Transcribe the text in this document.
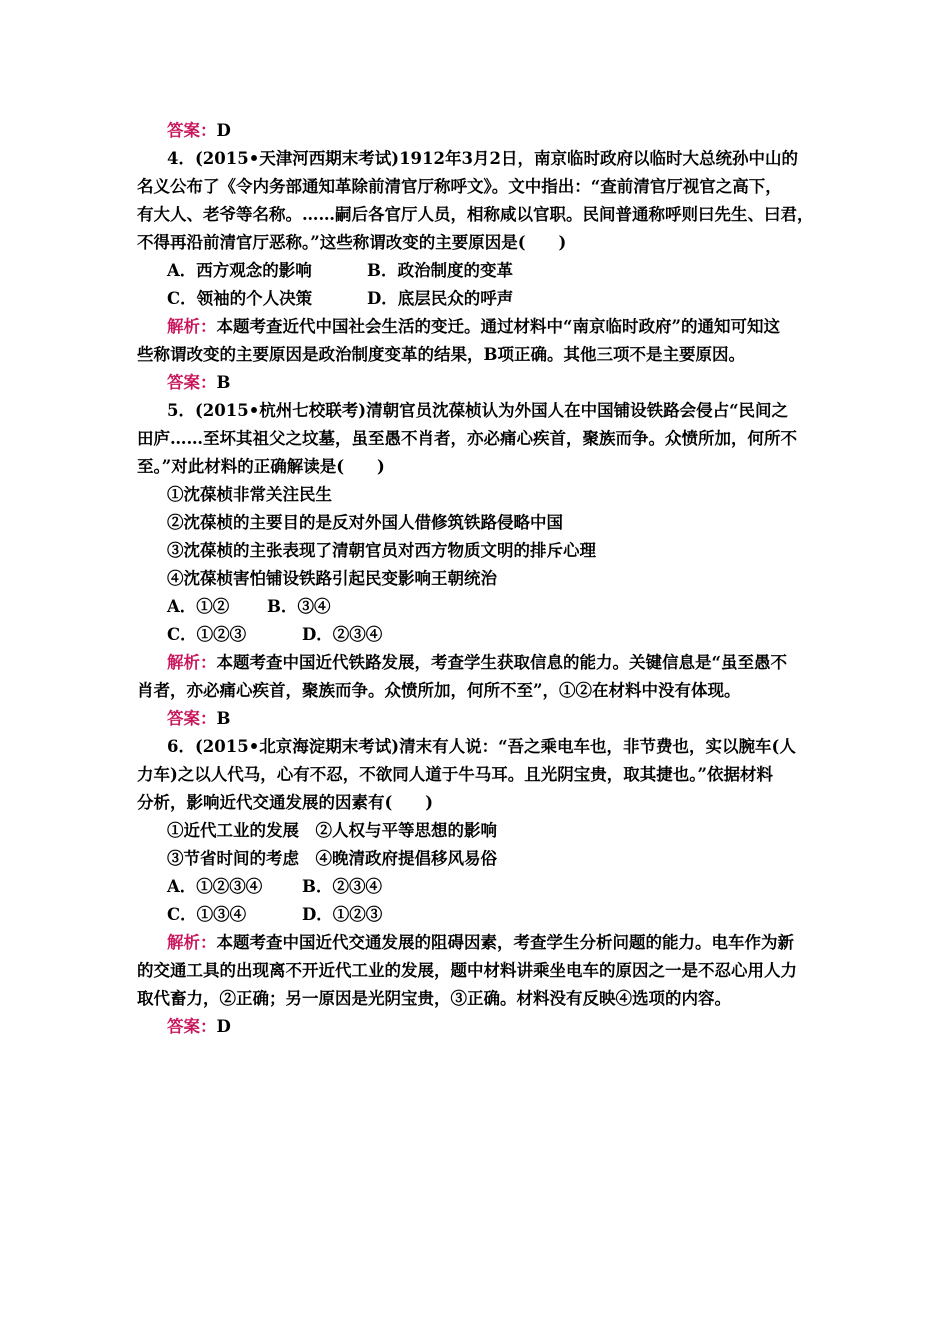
答案：D
4．(2015•天津河西期末考试)1912年3月2日，南京临时政府以临时大总统孙中山的
名义公布了《令内务部通知革除前清官厅称呼文》。文中指出：“查前清官厅视官之高下，
有大人、老爷等名称。……嗣后各官厅人员，相称咸以官职。民间普通称呼则曰先生、曰君，
不得再沿前清官厅恶称。”这些称谓改变的主要原因是(　　)
A．西方观念的影响	B．政治制度的变革
C．领袖的个人决策	D．底层民众的呼声
解析：本题考查近代中国社会生活的变迁。通过材料中“南京临时政府”的通知可知这
些称谓改变的主要原因是政治制度变革的结果，B项正确。其他三项不是主要原因。
答案：B
5．(2015•杭州七校联考)清朝官员沈葆桢认为外国人在中国铺设铁路会侵占“民间之
田庐……至坏其祖父之坟墓，虽至愚不肖者，亦必痛心疾首，聚族而争。众愤所加，何所不
至。”对此材料的正确解读是(　　)
①沈葆桢非常关注民生
②沈葆桢的主要目的是反对外国人借修筑铁路侵略中国
③沈葆桢的主张表现了清朝官员对西方物质文明的排斥心理
④沈葆桢害怕铺设铁路引起民变影响王朝统治
A．①② B．③④
C．①②③	D．②③④
解析：本题考查中国近代铁路发展，考查学生获取信息的能力。关键信息是“虽至愚不
肖者，亦必痛心疾首，聚族而争。众愤所加，何所不至”，①②在材料中没有体现。
答案：B
6．(2015•北京海淀期末考试)清末有人说：“吾之乘电车也，非节费也，实以腕车(人
力车)之以人代马，心有不忍，不欲同人道于牛马耳。且光阴宝贵，取其捷也。”依据材料
分析，影响近代交通发展的因素有(　　)
①近代工业的发展　②人权与平等思想的影响
③节省时间的考虑　④晚清政府提倡移风易俗
A．①②③④ B．②③④
C．①③④	D．①②③
解析：本题考查中国近代交通发展的阻碍因素，考查学生分析问题的能力。电车作为新
的交通工具的出现离不开近代工业的发展，题中材料讲乘坐电车的原因之一是不忍心用人力
取代畜力，②正确；另一原因是光阴宝贵，③正确。材料没有反映④选项的内容。
答案：D
